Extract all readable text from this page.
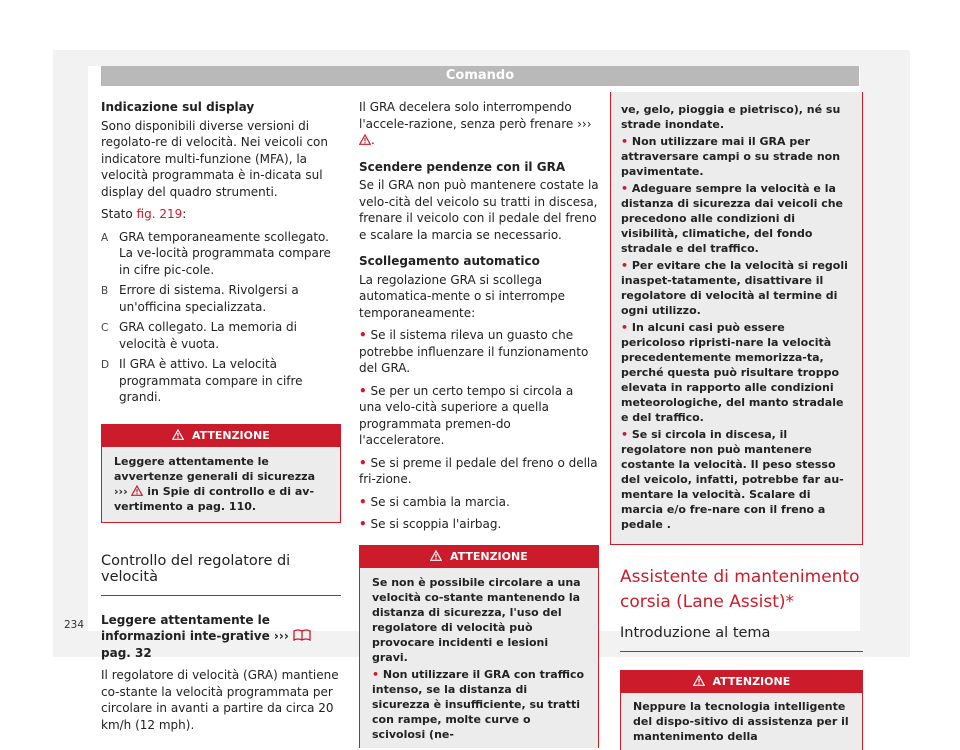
Comando

Indicazione sul display

Sono disponibili diverse versioni di regolato-re di velocità. Nei veicoli con indicatore multi-funzione (MFA), la velocità programmata è in-dicata sul display del quadro strumenti.

Stato fig. 219:

A GRA temporaneamente scollegato. La ve-locità programmata compare in cifre pic-cole.
B Errore di sistema. Rivolgersi a un'officina specializzata.
C GRA collegato. La memoria di velocità è vuota.
D Il GRA è attivo. La velocità programmata compare in cifre grandi.
ATTENZIONE
Leggere attentamente le avvertenze generali di sicurezza ›››  in Spie di controllo e di av-vertimento a pag. 110.

Controllo del regolatore di velocità

Leggere attentamente le informazioni inte-grative ›››  pag. 32

Il regolatore di velocità (GRA) mantiene co-stante la velocità programmata per circolare in avanti a partire da circa 20 km/h (12 mph).

Il GRA decelera solo interrompendo l'accele-razione, senza però frenare ››› .

Scendere pendenze con il GRA

Se il GRA non può mantenere costate la velo-cità del veicolo su tratti in discesa, frenare il veicolo con il pedale del freno e scalare la marcia se necessario.

Scollegamento automatico

La regolazione GRA si scollega automatica-mente o si interrompe temporaneamente:

• Se il sistema rileva un guasto che potrebbe influenzare il funzionamento del GRA.

• Se per un certo tempo si circola a una velo-cità superiore a quella programmata premen-do l'acceleratore.

• Se si preme il pedale del freno o della fri-zione.

• Se si cambia la marcia.

• Se si scoppia l'airbag.

ATTENZIONE
Se non è possibile circolare a una velocità co-stante mantenendo la distanza di sicurezza, l'uso del regolatore di velocità può provocare incidenti e lesioni gravi.
• Non utilizzare il GRA con traffico intenso, se la distanza di sicurezza è insufficiente, su tratti con rampe, molte curve o scivolosi (ne-
ve, gelo, pioggia e pietrisco), né su strade inondate.
• Non utilizzare mai il GRA per attraversare campi o su strade non pavimentate.
• Adeguare sempre la velocità e la distanza di sicurezza dai veicoli che precedono alle condizioni di visibilità, climatiche, del fondo stradale e del traffico.
• Per evitare che la velocità si regoli inaspet-tatamente, disattivare il regolatore di velocità al termine di ogni utilizzo.
• In alcuni casi può essere pericoloso ripristi-nare la velocità precedentemente memorizza-ta, perché questa può risultare troppo elevata in rapporto alle condizioni meteorologiche, del manto stradale e del traffico.
• Se si circola in discesa, il regolatore non può mantenere costante la velocità. Il peso stesso del veicolo, infatti, potrebbe far au-mentare la velocità. Scalare di marcia e/o fre-nare con il freno a pedale .
Assistente di mantenimento corsia (Lane Assist)*

Introduzione al tema

ATTENZIONE
Neppure la tecnologia intelligente del dispo-sitivo di assistenza per il mantenimento della
234
